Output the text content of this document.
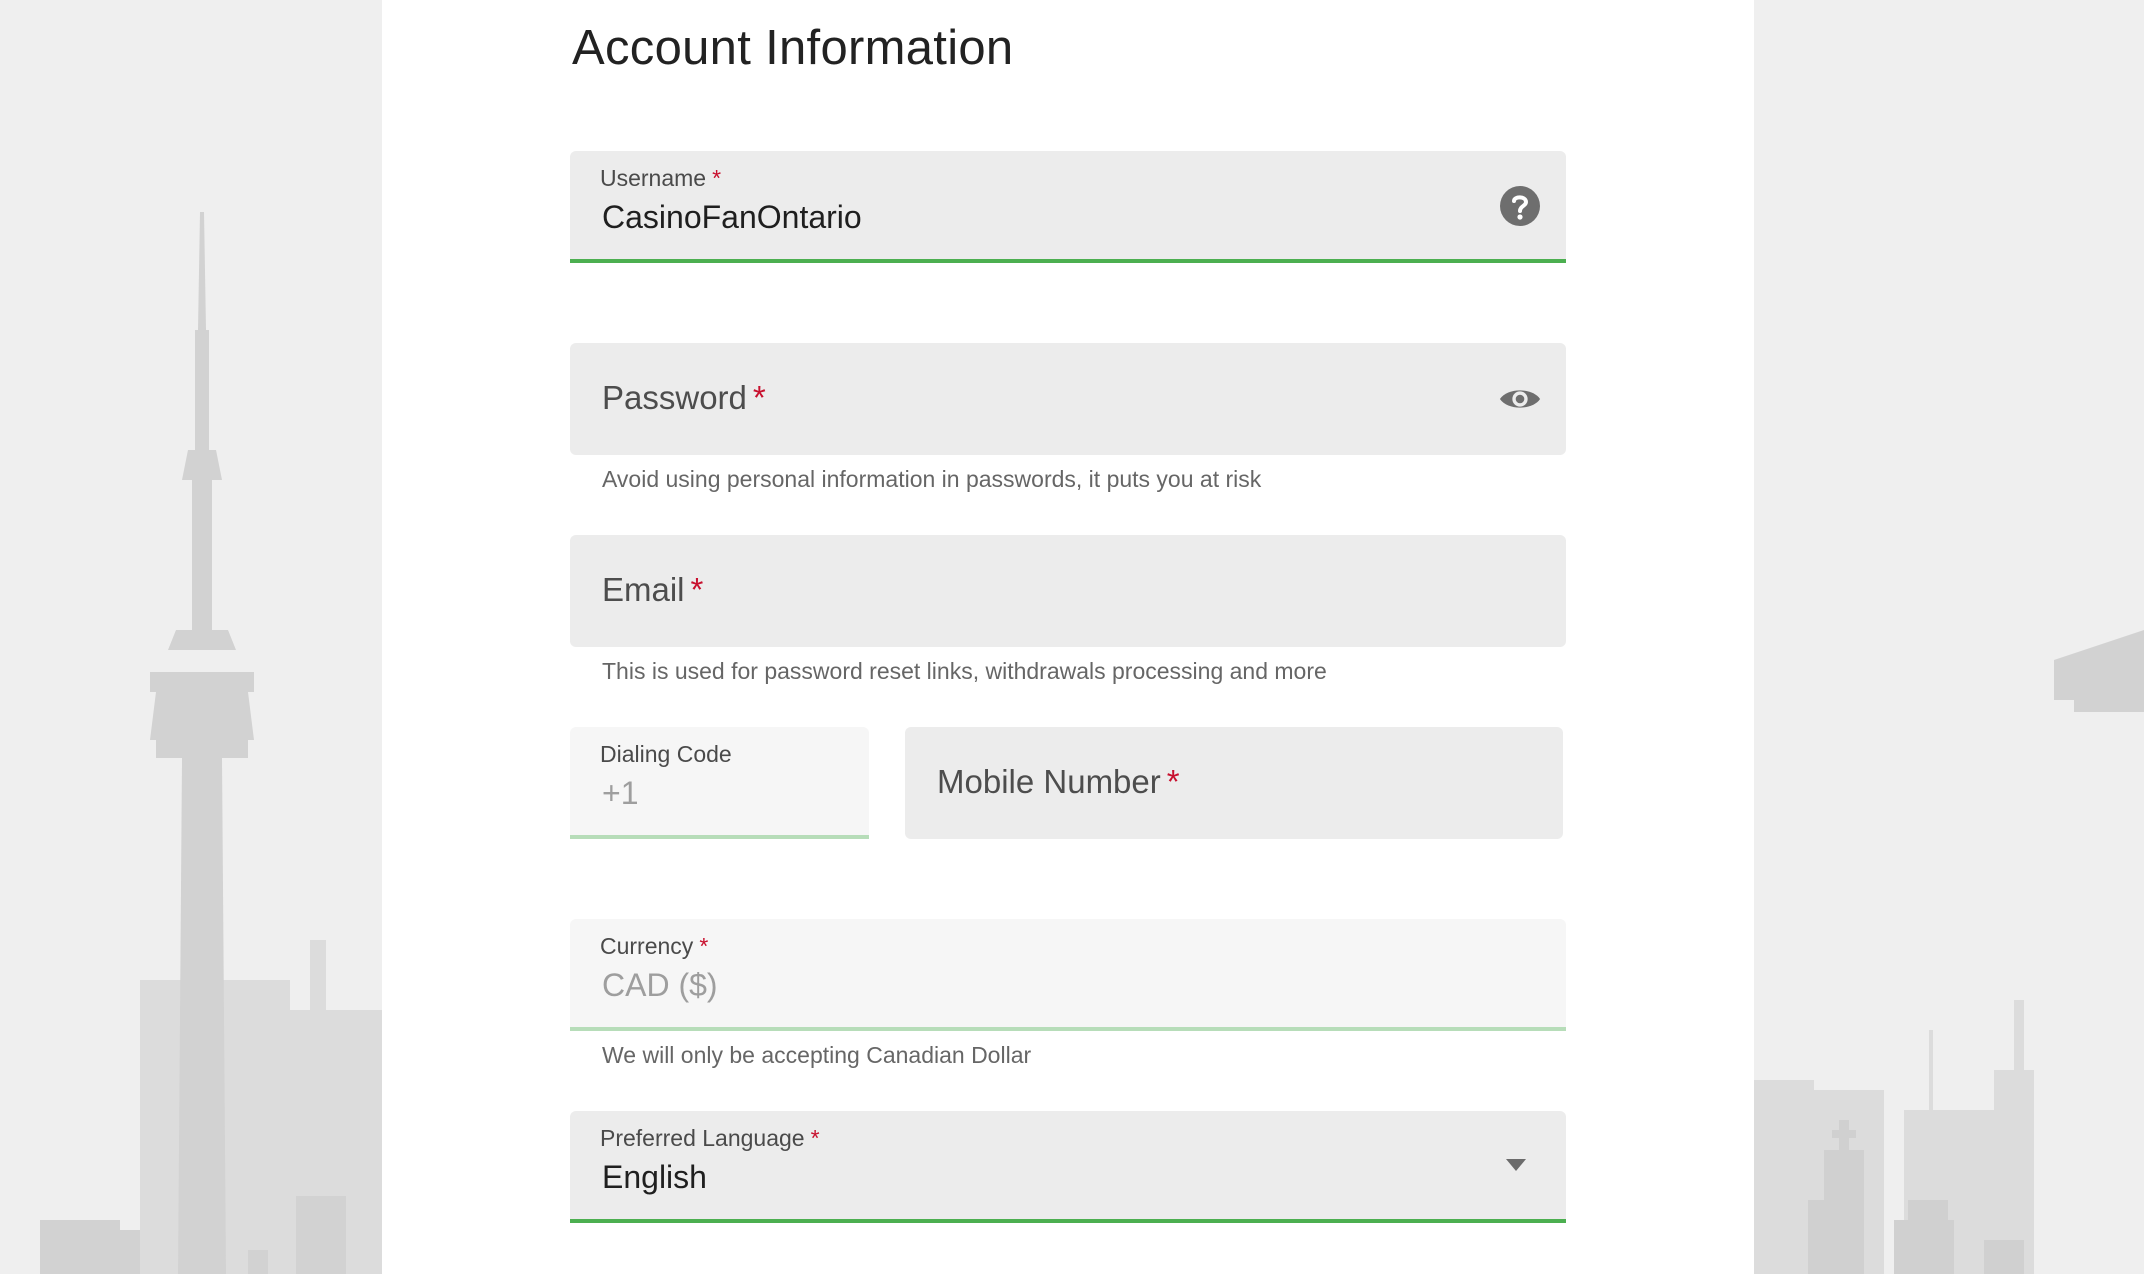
Account Information
Username *
CasinoFanOntario
Password *
Avoid using personal information in passwords, it puts you at risk
Email *
This is used for password reset links, withdrawals processing and more
Dialing Code
+1	Mobile Number *
Currency *
CAD ($)
We will only be accepting Canadian Dollar
Preferred Language *
English
